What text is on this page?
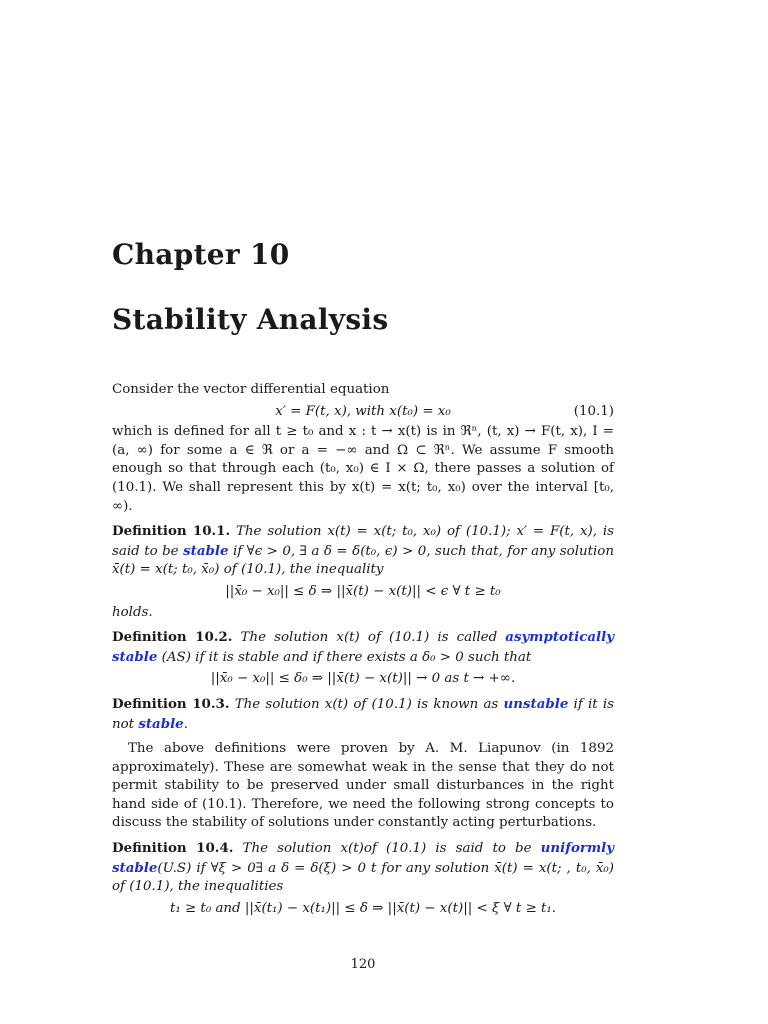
Chapter 10
Stability Analysis

Consider the vector differential equation

x′ = F(t, x), with x(t₀) = x₀	(10.1)

which is defined for all t ≥ t₀ and x : t → x(t) is in ℜⁿ, (t, x) → F(t, x), I = (a, ∞) for some a ∈ ℜ or a = −∞ and Ω ⊂ ℜⁿ. We assume F smooth enough so that through each (t₀, x₀) ∈ I × Ω, there passes a solution of (10.1). We shall represent this by x(t) = x(t; t₀, x₀) over the interval [t₀, ∞).

Definition 10.1. The solution x(t) = x(t; t₀, x₀) of (10.1); x′ = F(t, x), is said to be stable if ∀ϵ > 0, ∃ a δ = δ(t₀, ϵ) > 0, such that, for any solution x̄(t) = x(t; t₀, x̄₀) of (10.1), the inequality

||x̄₀ − x₀|| ≤ δ ⇒ ||x̄(t) − x(t)|| < ϵ ∀ t ≥ t₀

holds.

Definition 10.2. The solution x(t) of (10.1) is called asymptotically stable (AS) if it is stable and if there exists a δ₀ > 0 such that

||x̄₀ − x₀|| ≤ δ₀ ⇒ ||x̄(t) − x(t)|| → 0 as t → +∞.

Definition 10.3. The solution x(t) of (10.1) is known as unstable if it is not stable.

The above definitions were proven by A. M. Liapunov (in 1892 approximately). These are somewhat weak in the sense that they do not permit stability to be preserved under small disturbances in the right hand side of (10.1). Therefore, we need the following strong concepts to discuss the stability of solutions under constantly acting perturbations.

Definition 10.4. The solution x(t)of (10.1) is said to be uniformly stable(U.S) if ∀ξ > 0∃ a δ = δ(ξ) > 0 t for any solution x̄(t) = x(t; , t₀, x̄₀) of (10.1), the inequalities

t₁ ≥ t₀ and ||x̄(t₁) − x(t₁)|| ≤ δ ⇒ ||x̄(t) − x(t)|| < ξ ∀ t ≥ t₁.
120
